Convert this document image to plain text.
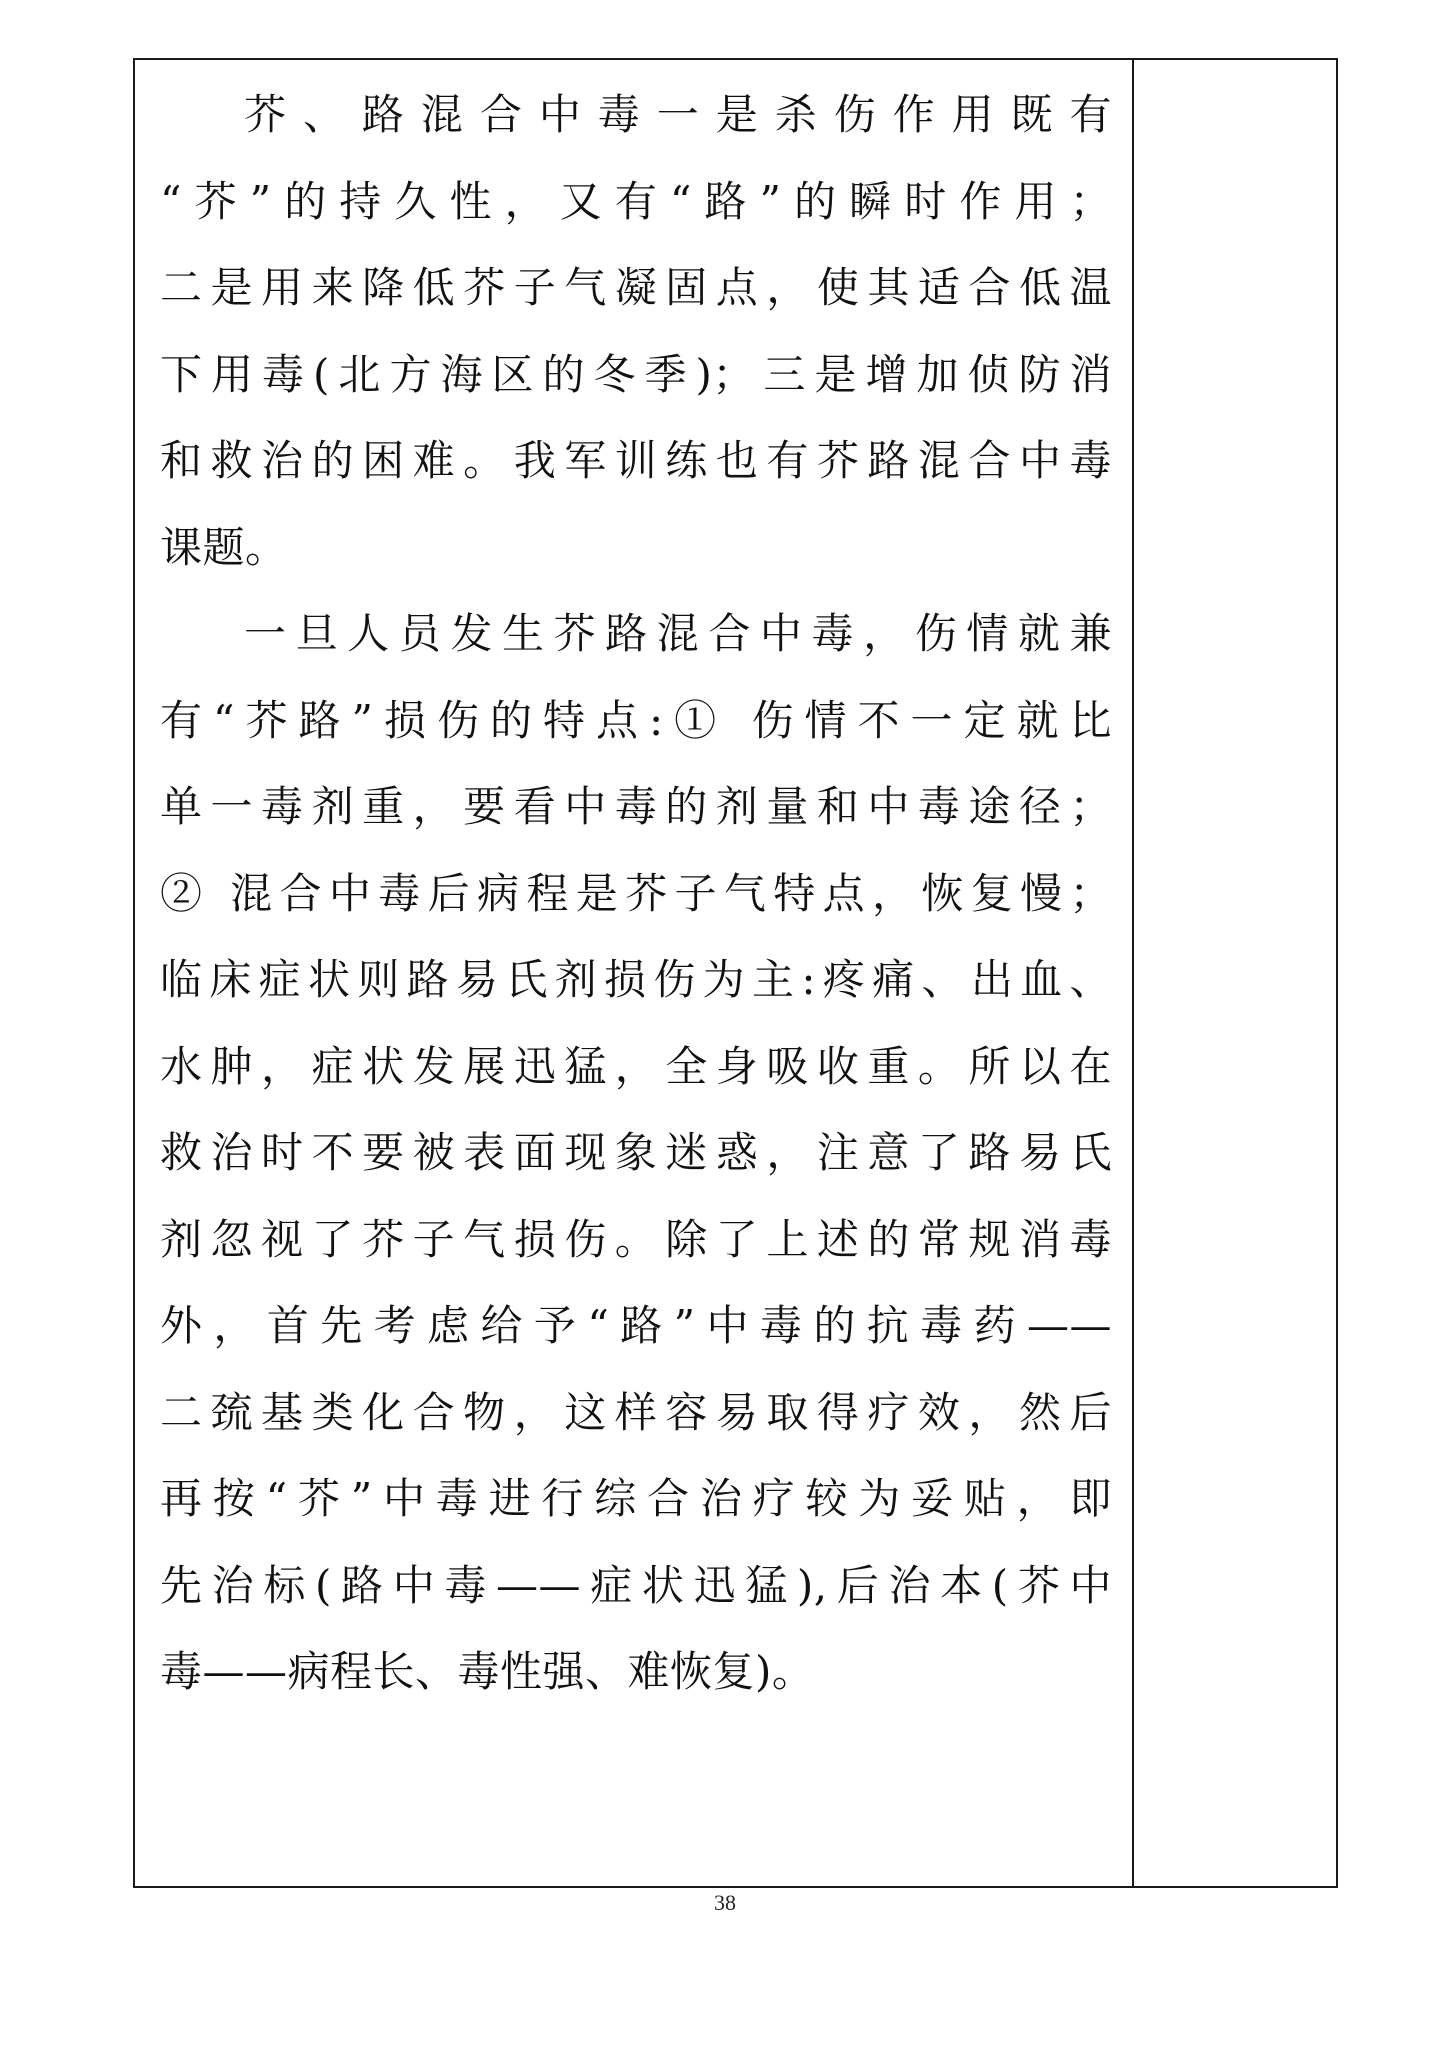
芥、路混合中毒一是杀伤作用既有
“芥”的持久性，又有“路”的瞬时作用；
二是用来降低芥子气凝固点，使其适合低温
下用毒(北方海区的冬季)；三是增加侦防消
和救治的困难。我军训练也有芥路混合中毒
课题。
一旦人员发生芥路混合中毒，伤情就兼
有“芥路”损伤的特点:① 伤情不一定就比
单一毒剂重，要看中毒的剂量和中毒途径；
② 混合中毒后病程是芥子气特点，恢复慢；
临床症状则路易氏剂损伤为主:疼痛、出血、
水肿，症状发展迅猛，全身吸收重。所以在
救治时不要被表面现象迷惑，注意了路易氏
剂忽视了芥子气损伤。除了上述的常规消毒
外，首先考虑给予“路”中毒的抗毒药——
二巯基类化合物，这样容易取得疗效，然后
再按“芥”中毒进行综合治疗较为妥贴，即
先治标(路中毒——症状迅猛),后治本(芥中
毒——病程长、毒性强、难恢复)。
38
